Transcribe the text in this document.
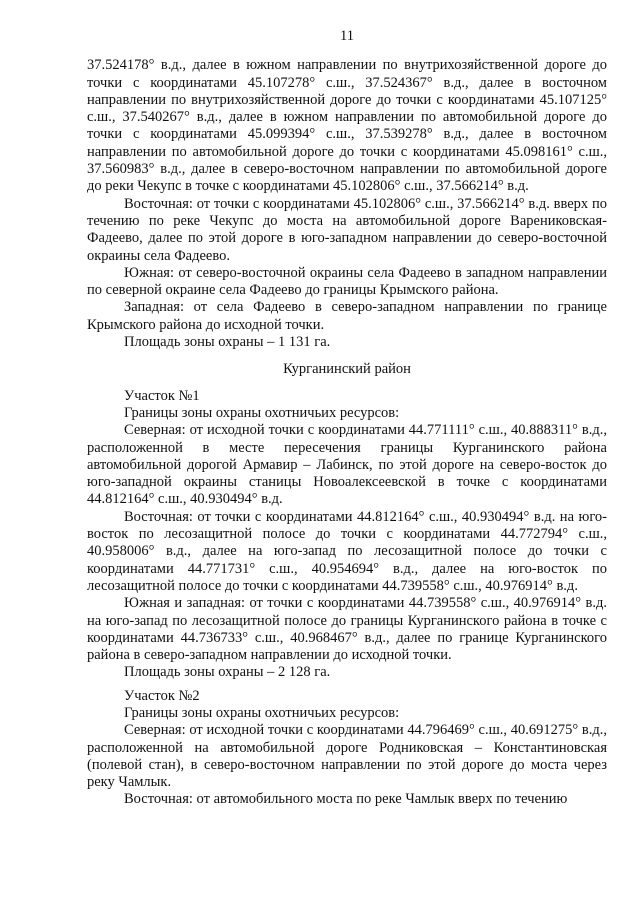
11

37.524178° в.д., далее в южном направлении по внутрихозяйственной дороге до точки с координатами 45.107278° с.ш., 37.524367° в.д., далее в восточном направлении по внутрихозяйственной дороге до точки с координатами 45.107125° с.ш., 37.540267° в.д., далее в южном направлении по автомобильной дороге до точки с координатами 45.099394° с.ш., 37.539278° в.д., далее в восточном направлении по автомобильной дороге до точки с координатами 45.098161° с.ш., 37.560983° в.д., далее в северо-восточном направлении по автомобильной дороге до реки Чекупс в точке с координатами 45.102806° с.ш., 37.566214° в.д.

Восточная: от точки с координатами 45.102806° с.ш., 37.566214° в.д. вверх по течению по реке Чекупс до моста на автомобильной дороге Варениковская-Фадеево, далее по этой дороге в юго-западном направлении до северо-восточной окраины села Фадеево.

Южная: от северо-восточной окраины села Фадеево в западном направлении по северной окраине села Фадеево до границы Крымского района.

Западная: от села Фадеево в северо-западном направлении по границе Крымского района до исходной точки.

Площадь зоны охраны – 1 131 га.

Курганинский район

Участок №1

Границы зоны охраны охотничьих ресурсов:

Северная: от исходной точки с координатами 44.771111° с.ш., 40.888311° в.д., расположенной в месте пересечения границы Курганинского района автомобильной дорогой Армавир – Лабинск, по этой дороге на северо-восток до юго-западной окраины станицы Новоалексеевской в точке с координатами 44.812164° с.ш., 40.930494° в.д.

Восточная: от точки с координатами 44.812164° с.ш., 40.930494° в.д. на юго-восток по лесозащитной полосе до точки с координатами 44.772794° с.ш., 40.958006° в.д., далее на юго-запад по лесозащитной полосе до точки с координатами 44.771731° с.ш., 40.954694° в.д., далее на юго-восток по лесозащитной полосе до точки с координатами 44.739558° с.ш., 40.976914° в.д.

Южная и западная: от точки с координатами 44.739558° с.ш., 40.976914° в.д. на юго-запад по лесозащитной полосе до границы Курганинского района в точке с координатами 44.736733° с.ш., 40.968467° в.д., далее по границе Курганинского района в северо-западном направлении до исходной точки.

Площадь зоны охраны – 2 128 га.

Участок №2

Границы зоны охраны охотничьих ресурсов:

Северная: от исходной точки с координатами 44.796469° с.ш., 40.691275° в.д., расположенной на автомобильной дороге Родниковская – Константиновская (полевой стан), в северо-восточном направлении по этой дороге до моста через реку Чамлык.

Восточная: от автомобильного моста по реке Чамлык вверх по течению
